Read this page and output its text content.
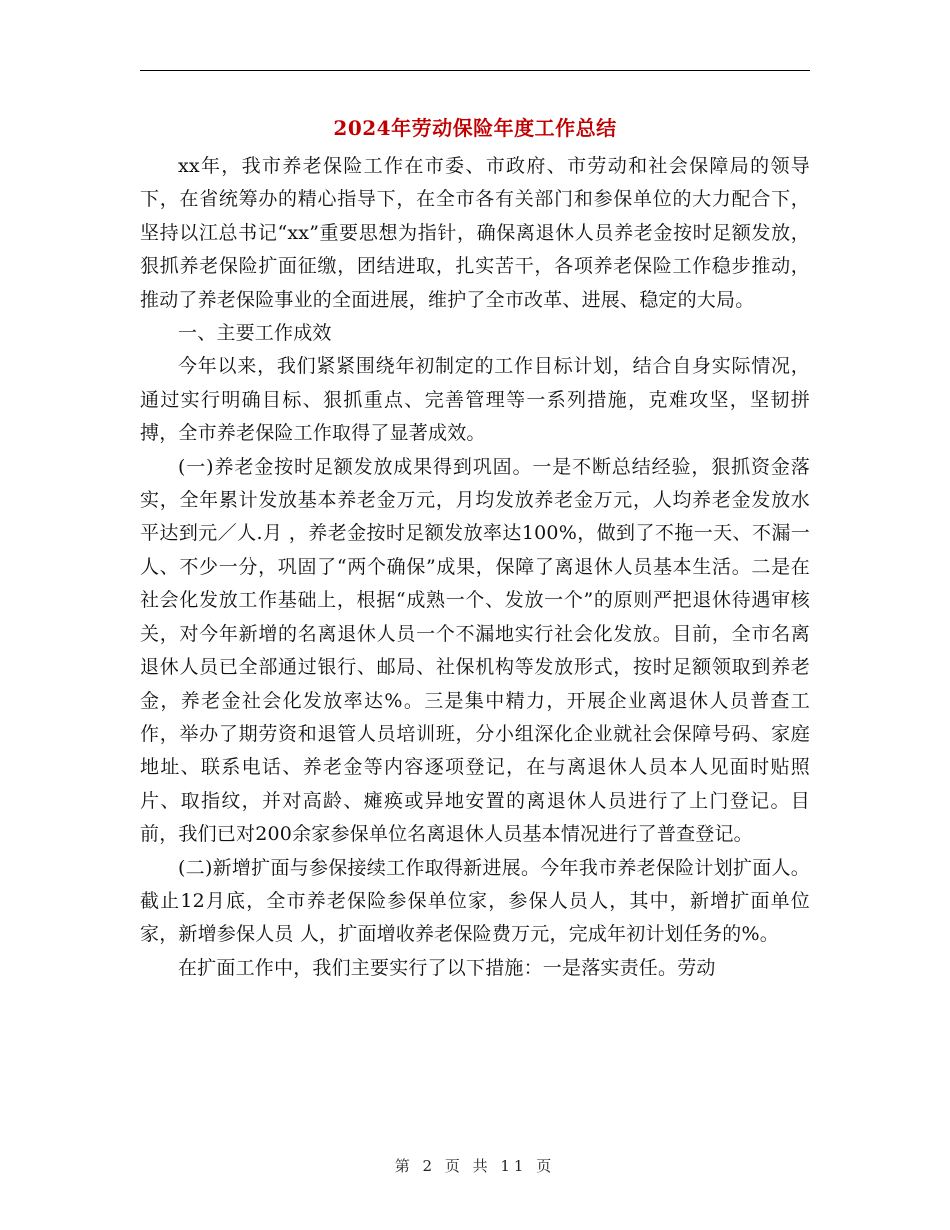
2024年劳动保险年度工作总结

xx年，我市养老保险工作在市委、市政府、市劳动和社会保障局的领导下，在省统筹办的精心指导下，在全市各有关部门和参保单位的大力配合下，坚持以江总书记“xx”重要思想为指针，确保离退休人员养老金按时足额发放，狠抓养老保险扩面征缴，团结进取，扎实苦干，各项养老保险工作稳步推动，推动了养老保险事业的全面进展，维护了全市改革、进展、稳定的大局。

一、主要工作成效

今年以来，我们紧紧围绕年初制定的工作目标计划，结合自身实际情况，通过实行明确目标、狠抓重点、完善管理等一系列措施，克难攻坚，坚韧拼搏，全市养老保险工作取得了显著成效。

(一)养老金按时足额发放成果得到巩固。一是不断总结经验，狠抓资金落实，全年累计发放基本养老金万元，月均发放养老金万元，人均养老金发放水平达到元／人.月 ，养老金按时足额发放率达100%，做到了不拖一天、不漏一人、不少一分，巩固了“两个确保”成果，保障了离退休人员基本生活。二是在社会化发放工作基础上，根据“成熟一个、发放一个”的原则严把退休待遇审核关，对今年新增的名离退休人员一个不漏地实行社会化发放。目前，全市名离退休人员已全部通过银行、邮局、社保机构等发放形式，按时足额领取到养老金，养老金社会化发放率达%。三是集中精力，开展企业离退休人员普查工作，举办了期劳资和退管人员培训班，分小组深化企业就社会保障号码、家庭地址、联系电话、养老金等内容逐项登记，在与离退休人员本人见面时贴照片、取指纹，并对高龄、瘫痪或异地安置的离退休人员进行了上门登记。目前，我们已对200余家参保单位名离退休人员基本情况进行了普查登记。

(二)新增扩面与参保接续工作取得新进展。今年我市养老保险计划扩面人。截止12月底，全市养老保险参保单位家，参保人员人，其中，新增扩面单位家，新增参保人员 人，扩面增收养老保险费万元，完成年初计划任务的%。

在扩面工作中，我们主要实行了以下措施：一是落实责任。劳动

第 2 页 共 11 页
